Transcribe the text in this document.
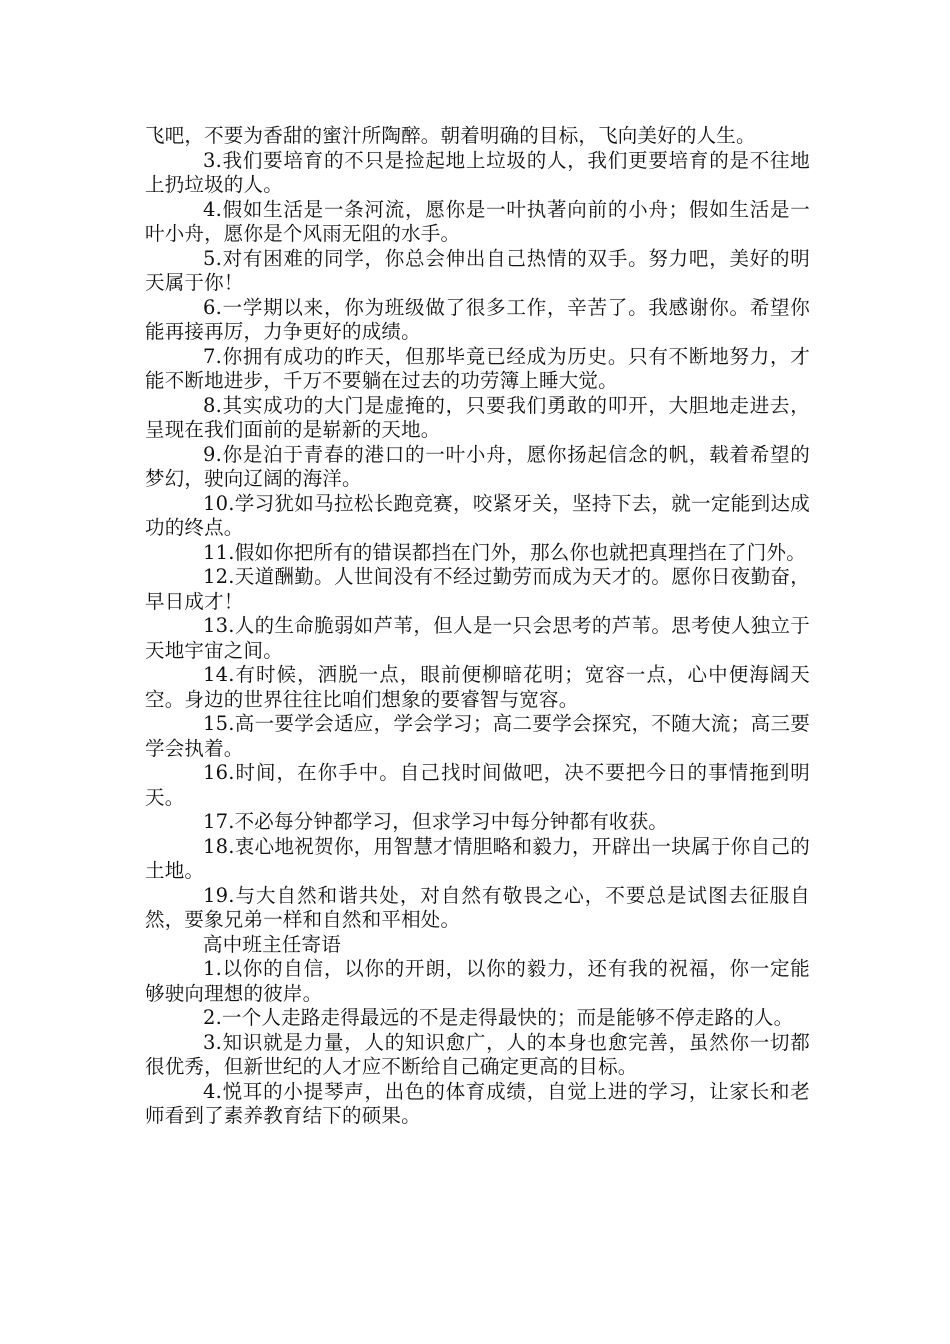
飞吧，不要为香甜的蜜汁所陶醉。朝着明确的目标，飞向美好的人生。

3.我们要培育的不只是捡起地上垃圾的人，我们更要培育的是不往地上扔垃圾的人。

4.假如生活是一条河流，愿你是一叶执著向前的小舟；假如生活是一叶小舟，愿你是个风雨无阻的水手。

5.对有困难的同学，你总会伸出自己热情的双手。努力吧，美好的明天属于你！

6.一学期以来，你为班级做了很多工作，辛苦了。我感谢你。希望你能再接再厉，力争更好的成绩。

7.你拥有成功的昨天，但那毕竟已经成为历史。只有不断地努力，才能不断地进步，千万不要躺在过去的功劳簿上睡大觉。

8.其实成功的大门是虚掩的，只要我们勇敢的叩开，大胆地走进去，呈现在我们面前的是崭新的天地。

9.你是泊于青春的港口的一叶小舟，愿你扬起信念的帆，载着希望的梦幻，驶向辽阔的海洋。

10.学习犹如马拉松长跑竞赛，咬紧牙关，坚持下去，就一定能到达成功的终点。

11.假如你把所有的错误都挡在门外，那么你也就把真理挡在了门外。

12.天道酬勤。人世间没有不经过勤劳而成为天才的。愿你日夜勤奋，早日成才！

13.人的生命脆弱如芦苇，但人是一只会思考的芦苇。思考使人独立于天地宇宙之间。

14.有时候，洒脱一点，眼前便柳暗花明；宽容一点，心中便海阔天空。身边的世界往往比咱们想象的要睿智与宽容。

15.高一要学会适应，学会学习；高二要学会探究，不随大流；高三要学会执着。

16.时间，在你手中。自己找时间做吧，决不要把今日的事情拖到明天。

17.不必每分钟都学习，但求学习中每分钟都有收获。

18.衷心地祝贺你，用智慧才情胆略和毅力，开辟出一块属于你自己的土地。

19.与大自然和谐共处，对自然有敬畏之心，不要总是试图去征服自然，要象兄弟一样和自然和平相处。

高中班主任寄语

1.以你的自信，以你的开朗，以你的毅力，还有我的祝福，你一定能够驶向理想的彼岸。

2.一个人走路走得最远的不是走得最快的；而是能够不停走路的人。

3.知识就是力量，人的知识愈广，人的本身也愈完善，虽然你一切都很优秀，但新世纪的人才应不断给自己确定更高的目标。

4.悦耳的小提琴声，出色的体育成绩，自觉上进的学习，让家长和老师看到了素养教育结下的硕果。
